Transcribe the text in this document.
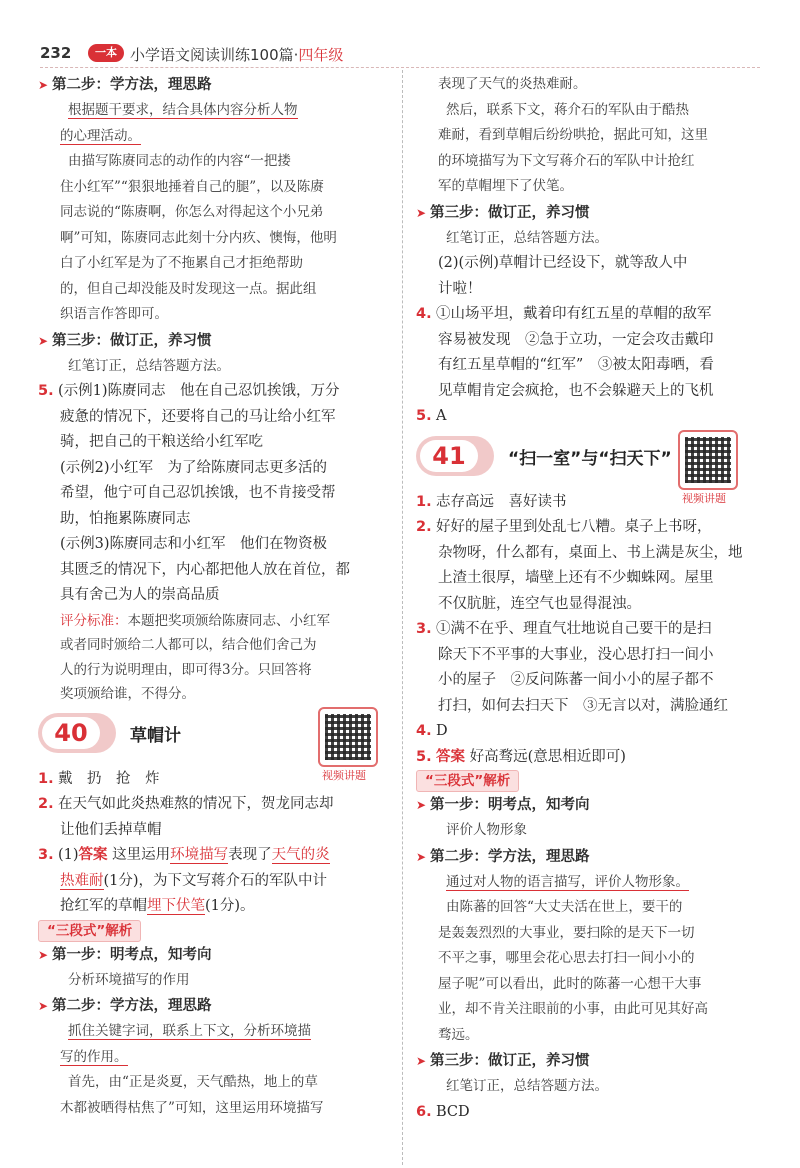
232	一本 小学语文阅读训练100篇·四年级
➤ 第二步：学方法，理思路
根据题干要求，结合具体内容分析人物
的心理活动。
由描写陈赓同志的动作的内容“一把搂
住小红军”“狠狠地捶着自己的腿”，以及陈赓
同志说的“陈赓啊，你怎么对得起这个小兄弟
啊”可知，陈赓同志此刻十分内疚、懊悔，他明
白了小红军是为了不拖累自己才拒绝帮助
的，但自己却没能及时发现这一点。据此组
织语言作答即可。
➤ 第三步：做订正，养习惯
红笔订正，总结答题方法。
5. (示例1)陈赓同志　他在自己忍饥挨饿，万分
疲惫的情况下，还要将自己的马让给小红军
骑，把自己的干粮送给小红军吃
(示例2)小红军　为了给陈赓同志更多活的
希望，他宁可自己忍饥挨饿，也不肯接受帮
助，怕拖累陈赓同志
(示例3)陈赓同志和小红军　他们在物资极
其匮乏的情况下，内心都把他人放在首位，都
具有舍己为人的崇高品质
评分标准：本题把奖项颁给陈赓同志、小红军
或者同时颁给二人都可以，结合他们舍己为
人的行为说明理由，即可得3分。只回答将
奖项颁给谁，不得分。
40	草帽计
视频讲题
1. 戴　扔　抢　炸
2. 在天气如此炎热难熬的情况下，贺龙同志却
让他们丢掉草帽
3. (1)答案 这里运用环境描写表现了天气的炎
热难耐(1分)，为下文写蒋介石的军队中计
抢红军的草帽埋下伏笔(1分)。
“三段式”解析
➤ 第一步：明考点，知考向
分析环境描写的作用
➤ 第二步：学方法，理思路
抓住关键字词，联系上下文，分析环境描
写的作用。
首先，由“正是炎夏，天气酷热，地上的草
木都被晒得枯焦了”可知，这里运用环境描写
表现了天气的炎热难耐。
然后，联系下文，蒋介石的军队由于酷热
难耐，看到草帽后纷纷哄抢，据此可知，这里
的环境描写为下文写蒋介石的军队中计抢红
军的草帽埋下了伏笔。
➤ 第三步：做订正，养习惯
红笔订正，总结答题方法。
(2)(示例)草帽计已经设下，就等敌人中
计啦！
4. ①山场平坦，戴着印有红五星的草帽的敌军
容易被发现　②急于立功，一定会攻击戴印
有红五星草帽的“红军”　③被太阳毒晒，看
见草帽肯定会疯抢，也不会躲避天上的飞机
5. A
41	“扫一室”与“扫天下”
视频讲题
1. 志存高远　喜好读书
2. 好好的屋子里到处乱七八糟。桌子上书呀，
杂物呀，什么都有，桌面上、书上满是灰尘，地
上渣土很厚，墙壁上还有不少蜘蛛网。屋里
不仅肮脏，连空气也显得混浊。
3. ①满不在乎、理直气壮地说自己要干的是扫
除天下不平事的大事业，没心思打扫一间小
小的屋子　②反问陈蕃一间小小的屋子都不
打扫，如何去扫天下　③无言以对，满脸通红
4. D
5. 答案 好高骛远(意思相近即可)
“三段式”解析
➤ 第一步：明考点，知考向
评价人物形象
➤ 第二步：学方法，理思路
通过对人物的语言描写，评价人物形象。
由陈蕃的回答“大丈夫活在世上，要干的
是轰轰烈烈的大事业，要扫除的是天下一切
不平之事，哪里会花心思去打扫一间小小的
屋子呢”可以看出，此时的陈蕃一心想干大事
业，却不肯关注眼前的小事，由此可见其好高
骛远。
➤ 第三步：做订正，养习惯
红笔订正，总结答题方法。
6. BCD
